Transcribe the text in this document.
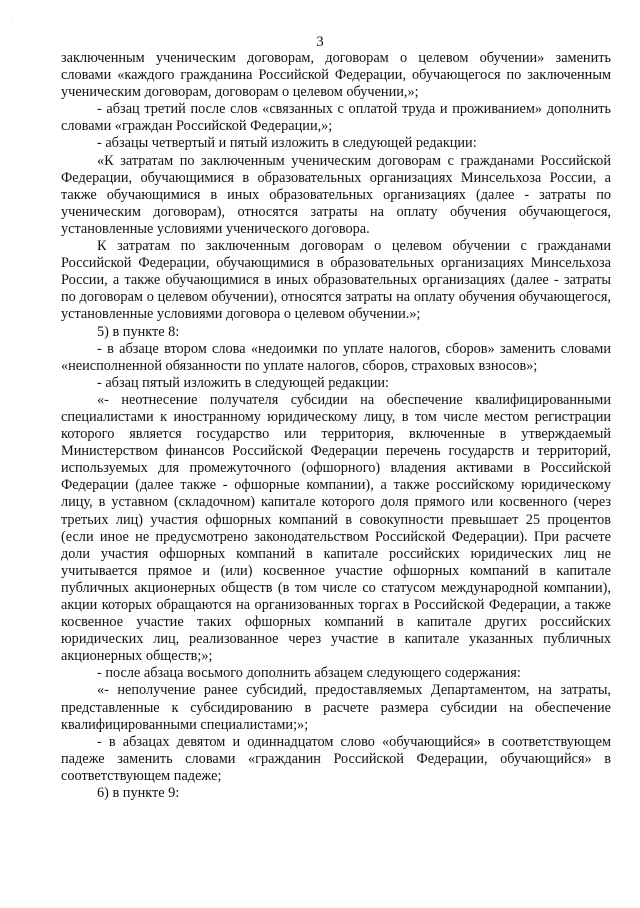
·
3

заключенным ученическим договорам, договорам о целевом обучении» заменить словами «каждого гражданина Российской Федерации, обучающегося по заключенным ученическим договорам, договорам о целевом обучении,»;

- абзац третий после слов «связанных с оплатой труда и проживанием» дополнить словами «граждан Российской Федерации,»;

- абзацы четвертый и пятый изложить в следующей редакции:

«К затратам по заключенным ученическим договорам с гражданами Российской Федерации, обучающимися в образовательных организациях Минсельхоза России, а также обучающимися в иных образовательных организациях (далее - затраты по ученическим договорам), относятся затраты на оплату обучения обучающегося, установленные условиями ученического договора.

К затратам по заключенным договорам о целевом обучении с гражданами Российской Федерации, обучающимися в образовательных организациях Минсельхоза России, а также обучающимися в иных образовательных организациях (далее - затраты по договорам о целевом обучении), относятся затраты на оплату обучения обучающегося, установленные условиями договора о целевом обучении.»;

5) в пункте 8:

- в абзаце втором слова «недоимки по уплате налогов, сборов» заменить словами «неисполненной обязанности по уплате налогов, сборов, страховых взносов»;

- абзац пятый изложить в следующей редакции:

«- неотнесение получателя субсидии на обеспечение квалифицированными специалистами к иностранному юридическому лицу, в том числе местом регистрации которого является государство или территория, включенные в утверждаемый Министерством финансов Российской Федерации перечень государств и территорий, используемых для промежуточного (офшорного) владения активами в Российской Федерации (далее также - офшорные компании), а также российскому юридическому лицу, в уставном (складочном) капитале которого доля прямого или косвенного (через третьих лиц) участия офшорных компаний в совокупности превышает 25 процентов (если иное не предусмотрено законодательством Российской Федерации). При расчете доли участия офшорных компаний в капитале российских юридических лиц не учитывается прямое и (или) косвенное участие офшорных компаний в капитале публичных акционерных обществ (в том числе со статусом международной компании), акции которых обращаются на организованных торгах в Российской Федерации, а также косвенное участие таких офшорных компаний в капитале других российских юридических лиц, реализованное через участие в капитале указанных публичных акционерных обществ;»;

- после абзаца восьмого дополнить абзацем следующего содержания:

«- неполучение ранее субсидий, предоставляемых Департаментом, на затраты, представленные к субсидированию в расчете размера субсидии на обеспечение квалифицированными специалистами;»;

- в абзацах девятом и одиннадцатом слово «обучающийся» в соответствующем падеже заменить словами «гражданин Российской Федерации, обучающийся» в соответствующем падеже;

6) в пункте 9:
